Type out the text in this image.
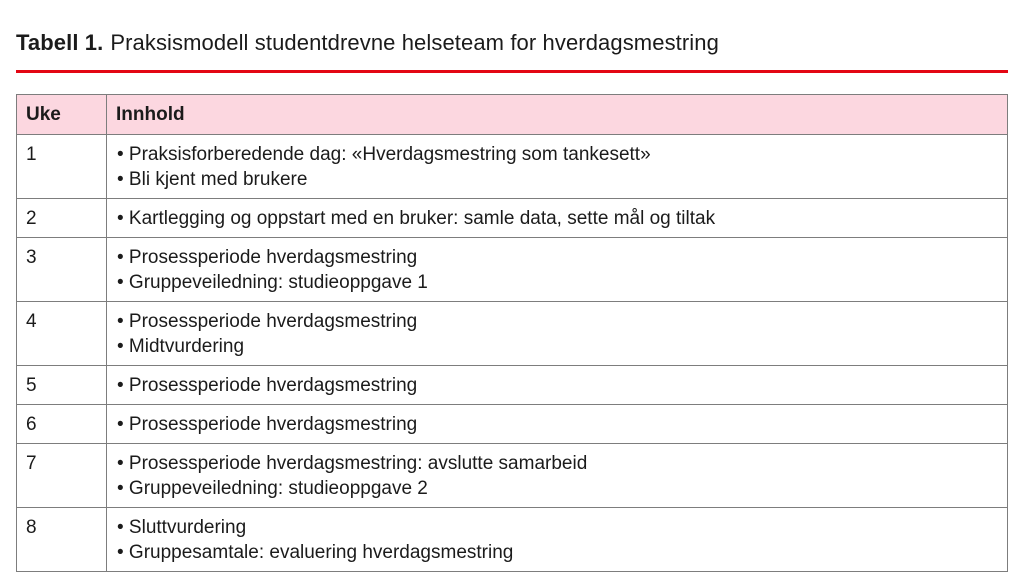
Tabell 1. Praksismodell studentdrevne helseteam for hverdagsmestring
Uke	Innhold
1	• Praksisforberedende dag: «Hverdagsmestring som tankesett»
• Bli kjent med brukere

2	• Kartlegging og oppstart med en bruker: samle data, sette mål og tiltak

3	• Prosessperiode hverdagsmestring
• Gruppeveiledning: studieoppgave 1

4	• Prosessperiode hverdagsmestring
• Midtvurdering

5	• Prosessperiode hverdagsmestring

6	• Prosessperiode hverdagsmestring

7	• Prosessperiode hverdagsmestring: avslutte samarbeid
• Gruppeveiledning: studieoppgave 2

8	• Sluttvurdering
• Gruppesamtale: evaluering hverdagsmestring
